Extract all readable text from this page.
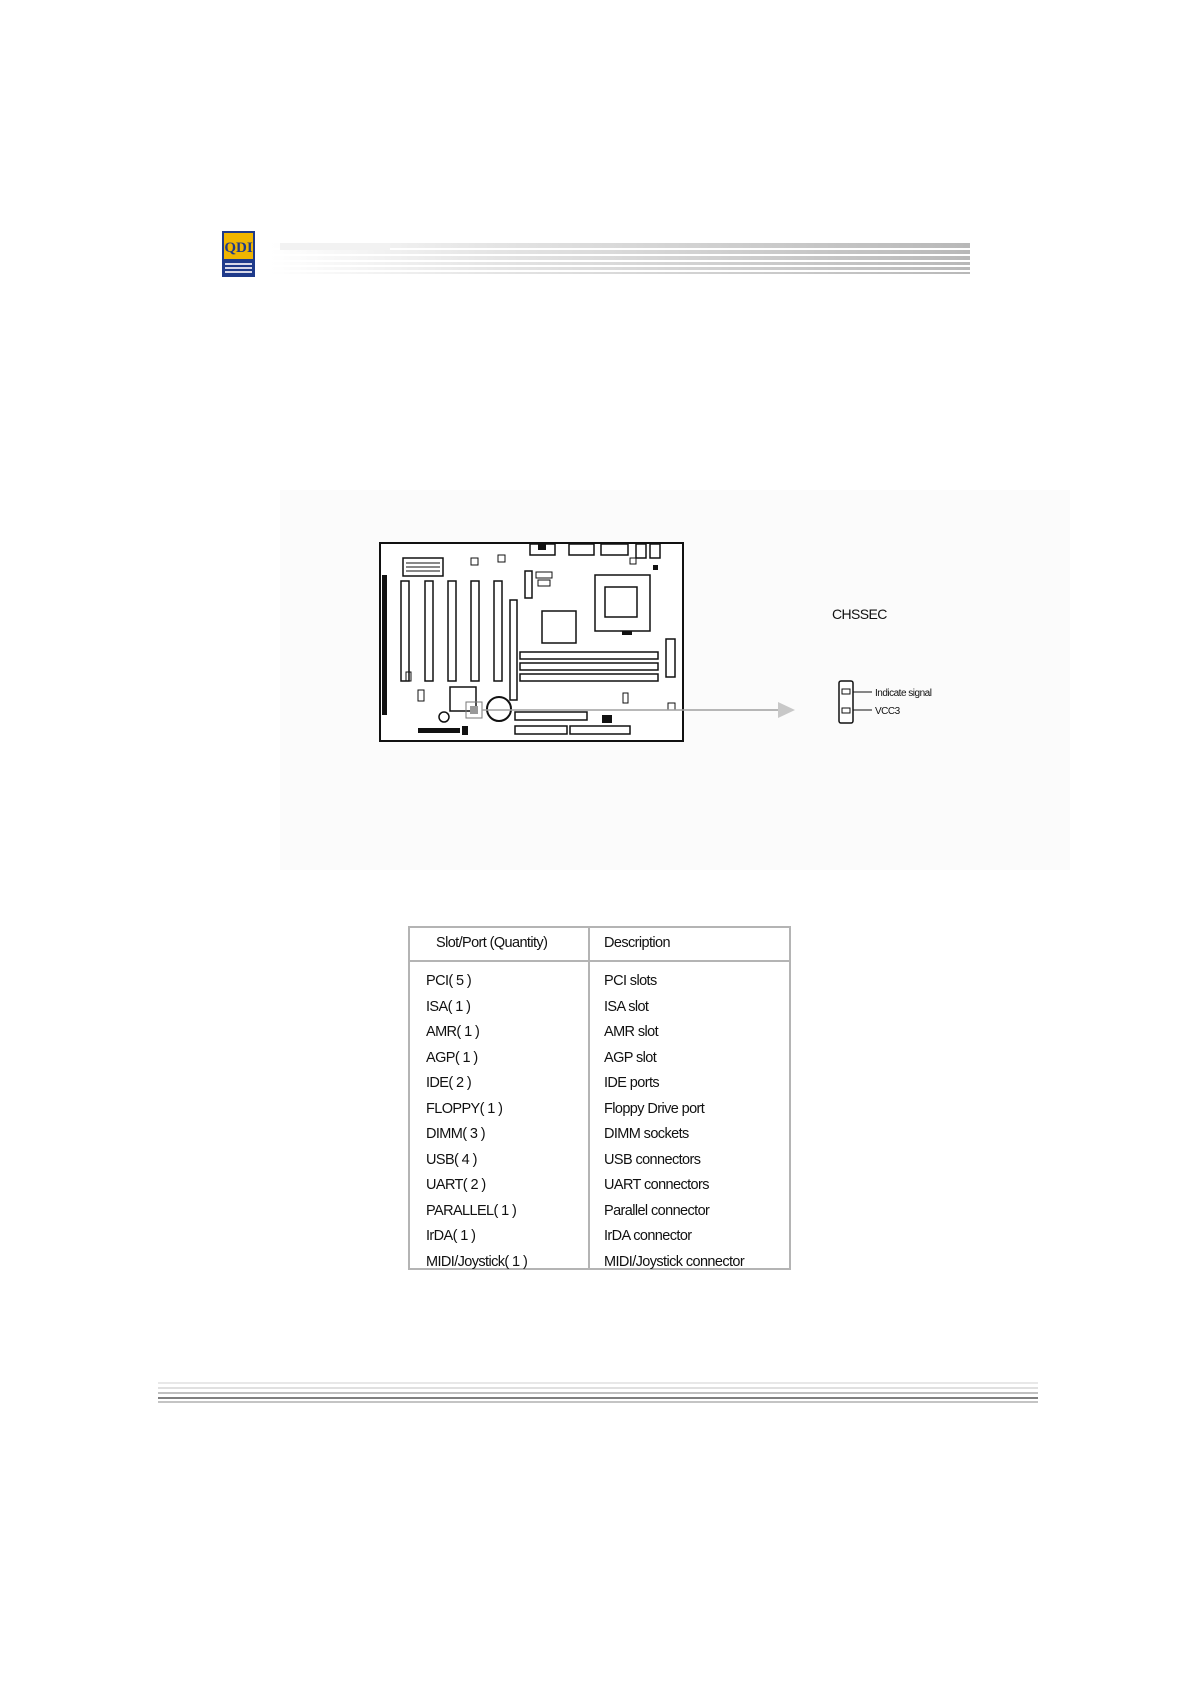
QDI
CHSSEC
Indicate signal
VCC3
Slot/Port (Quantity)	Description
PCI( 5 )	PCI slots
ISA( 1 )	ISA slot
AMR( 1 )	AMR slot
AGP( 1 )	AGP slot
IDE( 2 )	IDE ports
FLOPPY( 1 )	Floppy Drive port
DIMM( 3 )	DIMM sockets
USB( 4 )	USB connectors
UART( 2 )	UART connectors
PARALLEL( 1 )	Parallel connector
IrDA( 1 )	IrDA connector
MIDI/Joystick( 1 )	MIDI/Joystick connector
